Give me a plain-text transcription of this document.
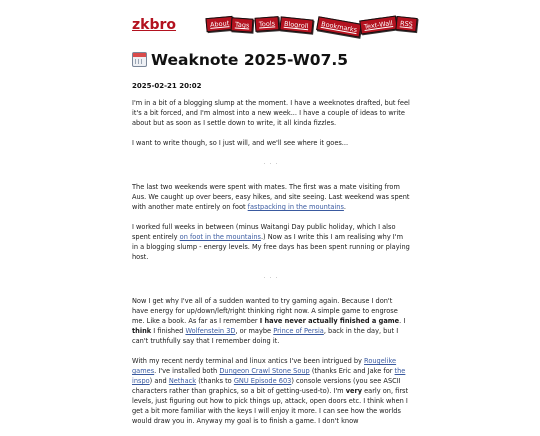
zkbro	About Tags	Tools	Blogroll	Bookmarks Text-Wall RSS
Weaknote 2025-W07.5
2025-02-21 20:02

I'm in a bit of a blogging slump at the moment. I have a weeknotes drafted, but feel it's a bit forced, and I'm almost into a new week... I have a couple of ideas to write about but as soon as I settle down to write, it all kinda fizzles.

I want to write though, so I just will, and we'll see where it goes...

. . .

The last two weekends were spent with mates. The first was a mate visiting from Aus. We caught up over beers, easy hikes, and site seeing. Last weekend was spent with another mate entirely on foot fastpacking in the mountains.

I worked full weeks in between (minus Waitangi Day public holiday, which I also spent entirely on foot in the mountains.) Now as I write this I am realising why I'm in a blogging slump - energy levels. My free days has been spent running or playing host.

. . .

Now I get why I've all of a sudden wanted to try gaming again. Because I don't have energy for up/down/left/right thinking right now. A simple game to engrose me. Like a book. As far as I remember I have never actually finished a game. I think I finished Wolfenstein 3D, or maybe Prince of Persia, back in the day, but I can't truthfully say that I remember doing it.

With my recent nerdy terminal and linux antics I've been intrigued by Rougelike games. I've installed both Dungeon Crawl Stone Soup (thanks Eric and Jake for the inspo) and Nethack (thanks to GNU Episode 603) console versions (you see ASCII characters rather than graphics, so a bit of getting-used-to). I'm very early on, first levels, just figuring out how to pick things up, attack, open doors etc. I think when I get a bit more familiar with the keys I will enjoy it more. I can see how the worlds would draw you in. Anyway my goal is to finish a game. I don't know
